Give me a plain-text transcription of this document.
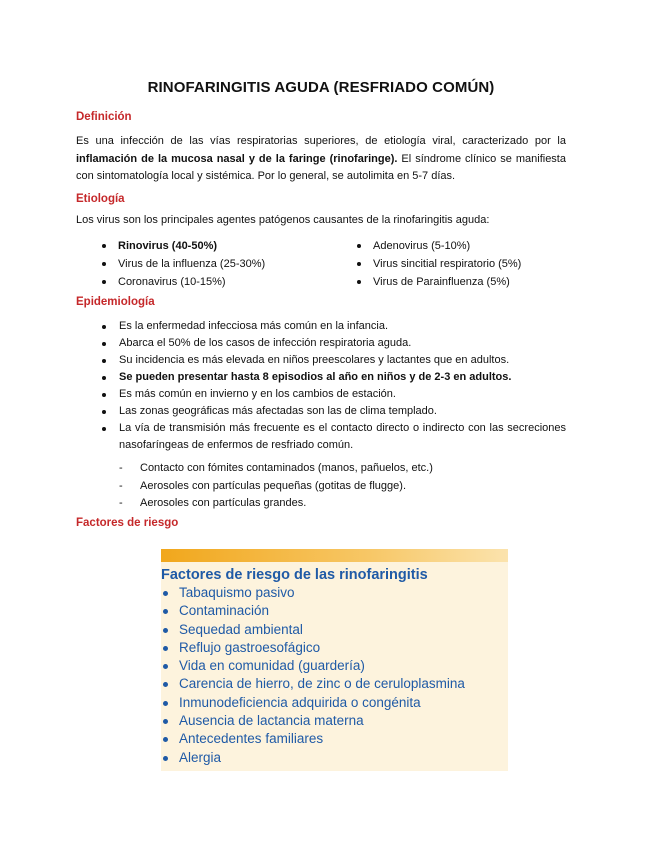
RINOFARINGITIS AGUDA (RESFRIADO COMÚN)
Definición
Es una infección de las vías respiratorias superiores, de etiología viral, caracterizado por la inflamación de la mucosa nasal y de la faringe (rinofaringe). El síndrome clínico se manifiesta con sintomatología local y sistémica. Por lo general, se autolimita en 5-7 días.
Etiología
Los virus son los principales agentes patógenos causantes de la rinofaringitis aguda:
Rinovirus (40-50%)
Virus de la influenza (25-30%)
Coronavirus (10-15%)
Adenovirus (5-10%)
Virus sincitial respiratorio (5%)
Virus de Parainfluenza (5%)
Epidemiología
Es la enfermedad infecciosa más común en la infancia.
Abarca el 50% de los casos de infección respiratoria aguda.
Su incidencia es más elevada en niños preescolares y lactantes que en adultos.
Se pueden presentar hasta 8 episodios al año en niños y de 2-3 en adultos.
Es más común en invierno y en los cambios de estación.
Las zonas geográficas más afectadas son las de clima templado.
La vía de transmisión más frecuente es el contacto directo o indirecto con las secreciones nasofaríngeas de enfermos de resfriado común.
- Contacto con fómites contaminados (manos, pañuelos, etc.)
- Aerosoles con partículas pequeñas (gotitas de flugge).
- Aerosoles con partículas grandes.
Factores de riesgo
Factores de riesgo de las rinofaringitis
Tabaquismo pasivo
Contaminación
Sequedad ambiental
Reflujo gastroesofágico
Vida en comunidad (guardería)
Carencia de hierro, de zinc o de ceruloplasmina
Inmunodeficiencia adquirida o congénita
Ausencia de lactancia materna
Antecedentes familiares
Alergia
